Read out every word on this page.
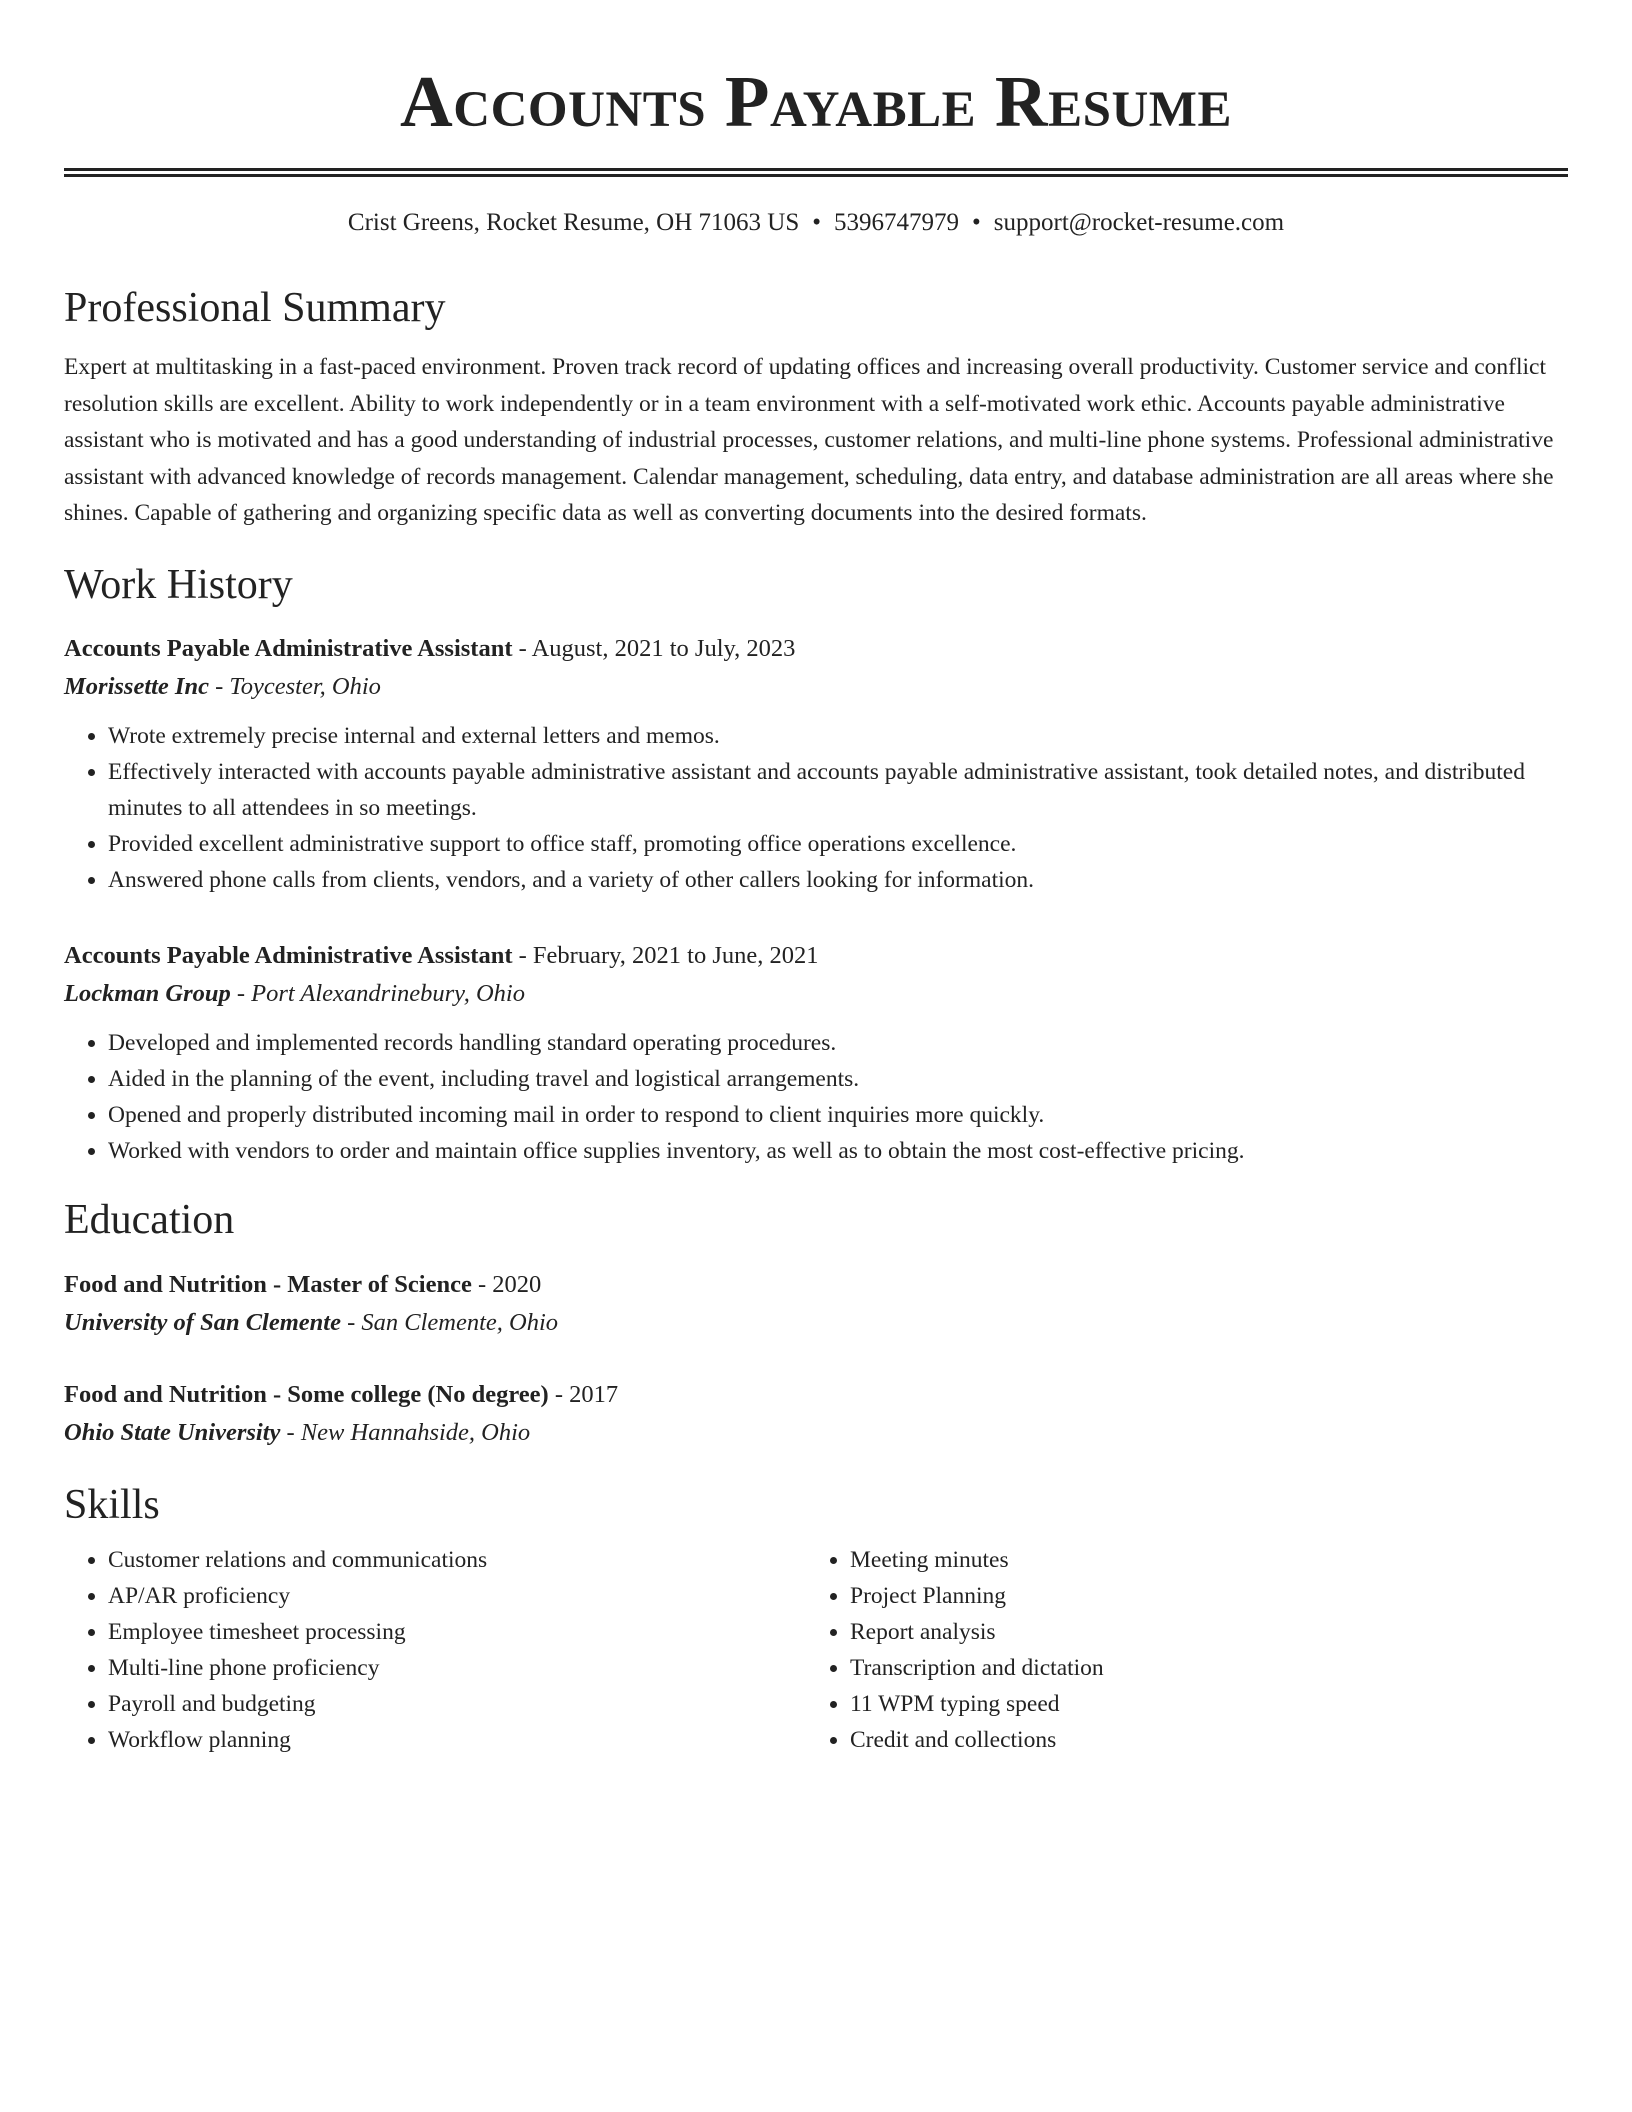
Accounts Payable Resume
Crist Greens, Rocket Resume, OH 71063 US • 5396747979 • support@rocket-resume.com
Professional Summary
Expert at multitasking in a fast-paced environment. Proven track record of updating offices and increasing overall productivity. Customer service and conflict resolution skills are excellent. Ability to work independently or in a team environment with a self-motivated work ethic. Accounts payable administrative assistant who is motivated and has a good understanding of industrial processes, customer relations, and multi-line phone systems. Professional administrative assistant with advanced knowledge of records management. Calendar management, scheduling, data entry, and database administration are all areas where she shines. Capable of gathering and organizing specific data as well as converting documents into the desired formats.
Work History
Accounts Payable Administrative Assistant - August, 2021 to July, 2023
Morissette Inc - Toycester, Ohio
• Wrote extremely precise internal and external letters and memos.
• Effectively interacted with accounts payable administrative assistant and accounts payable administrative assistant, took detailed notes, and distributed minutes to all attendees in so meetings.
• Provided excellent administrative support to office staff, promoting office operations excellence.
• Answered phone calls from clients, vendors, and a variety of other callers looking for information.
Accounts Payable Administrative Assistant - February, 2021 to June, 2021
Lockman Group - Port Alexandrinebury, Ohio
• Developed and implemented records handling standard operating procedures.
• Aided in the planning of the event, including travel and logistical arrangements.
• Opened and properly distributed incoming mail in order to respond to client inquiries more quickly.
• Worked with vendors to order and maintain office supplies inventory, as well as to obtain the most cost-effective pricing.
Education
Food and Nutrition - Master of Science - 2020
University of San Clemente - San Clemente, Ohio
Food and Nutrition - Some college (No degree) - 2017
Ohio State University - New Hannahside, Ohio
Skills
• Customer relations and communications
• AP/AR proficiency
• Employee timesheet processing
• Multi-line phone proficiency
• Payroll and budgeting
• Workflow planning
• Meeting minutes
• Project Planning
• Report analysis
• Transcription and dictation
• 11 WPM typing speed
• Credit and collections
